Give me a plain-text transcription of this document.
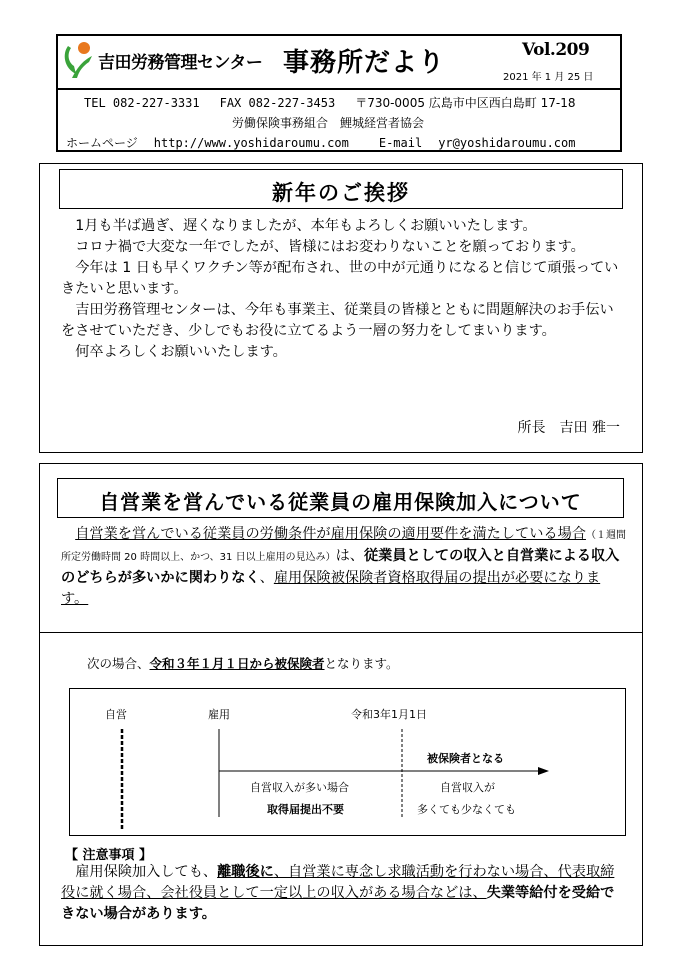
吉田労務管理センター 事務所だより	Vol.209
2021 年 1 月 25 日
TEL 082-227-3331 FAX 082-227-3453 〒730-0005 広島市中区西白島町 17-18
労働保険事務組合 鯉城経営者協会
ホームページ http://www.yoshidaroumu.com	E-mail yr@yoshidaroumu.com
新年のご挨拶

1月も半ば過ぎ、遅くなりましたが、本年もよろしくお願いいたします。

コロナ禍で大変な一年でしたが、皆様にはお変わりないことを願っております。

今年は 1 日も早くワクチン等が配布され、世の中が元通りになると信じて頑張っていきたいと思います。

吉田労務管理センターは、今年も事業主、従業員の皆様とともに問題解決のお手伝いをさせていただき、少しでもお役に立てるよう一層の努力をしてまいります。

何卒よろしくお願いいたします。

所長　吉田 雅一
自営業を営んでいる従業員の雇用保険加入について
自営業を営んでいる従業員の労働条件が雇用保険の適用要件を満たしている場合（１週間所定労働時間 20 時間以上、かつ、31 日以上雇用の見込み）は、従業員としての収入と自営業による収入のどちらが多いかに関わりなく、雇用保険被保険者資格取得届の提出が必要になります。
次の場合、令和３年１月１日から被保険者となります。
自営	雇用	令和3年1月1日
被保険者となる
自営収入が多い場合
取得届提出不要
自営収入が
多くても少なくても
【 注意事項 】
雇用保険加入しても、離職後に、自営業に専念し求職活動を行わない場合、代表取締役に就く場合、会社役員として一定以上の収入がある場合などは、失業等給付を受給できない場合があります。
